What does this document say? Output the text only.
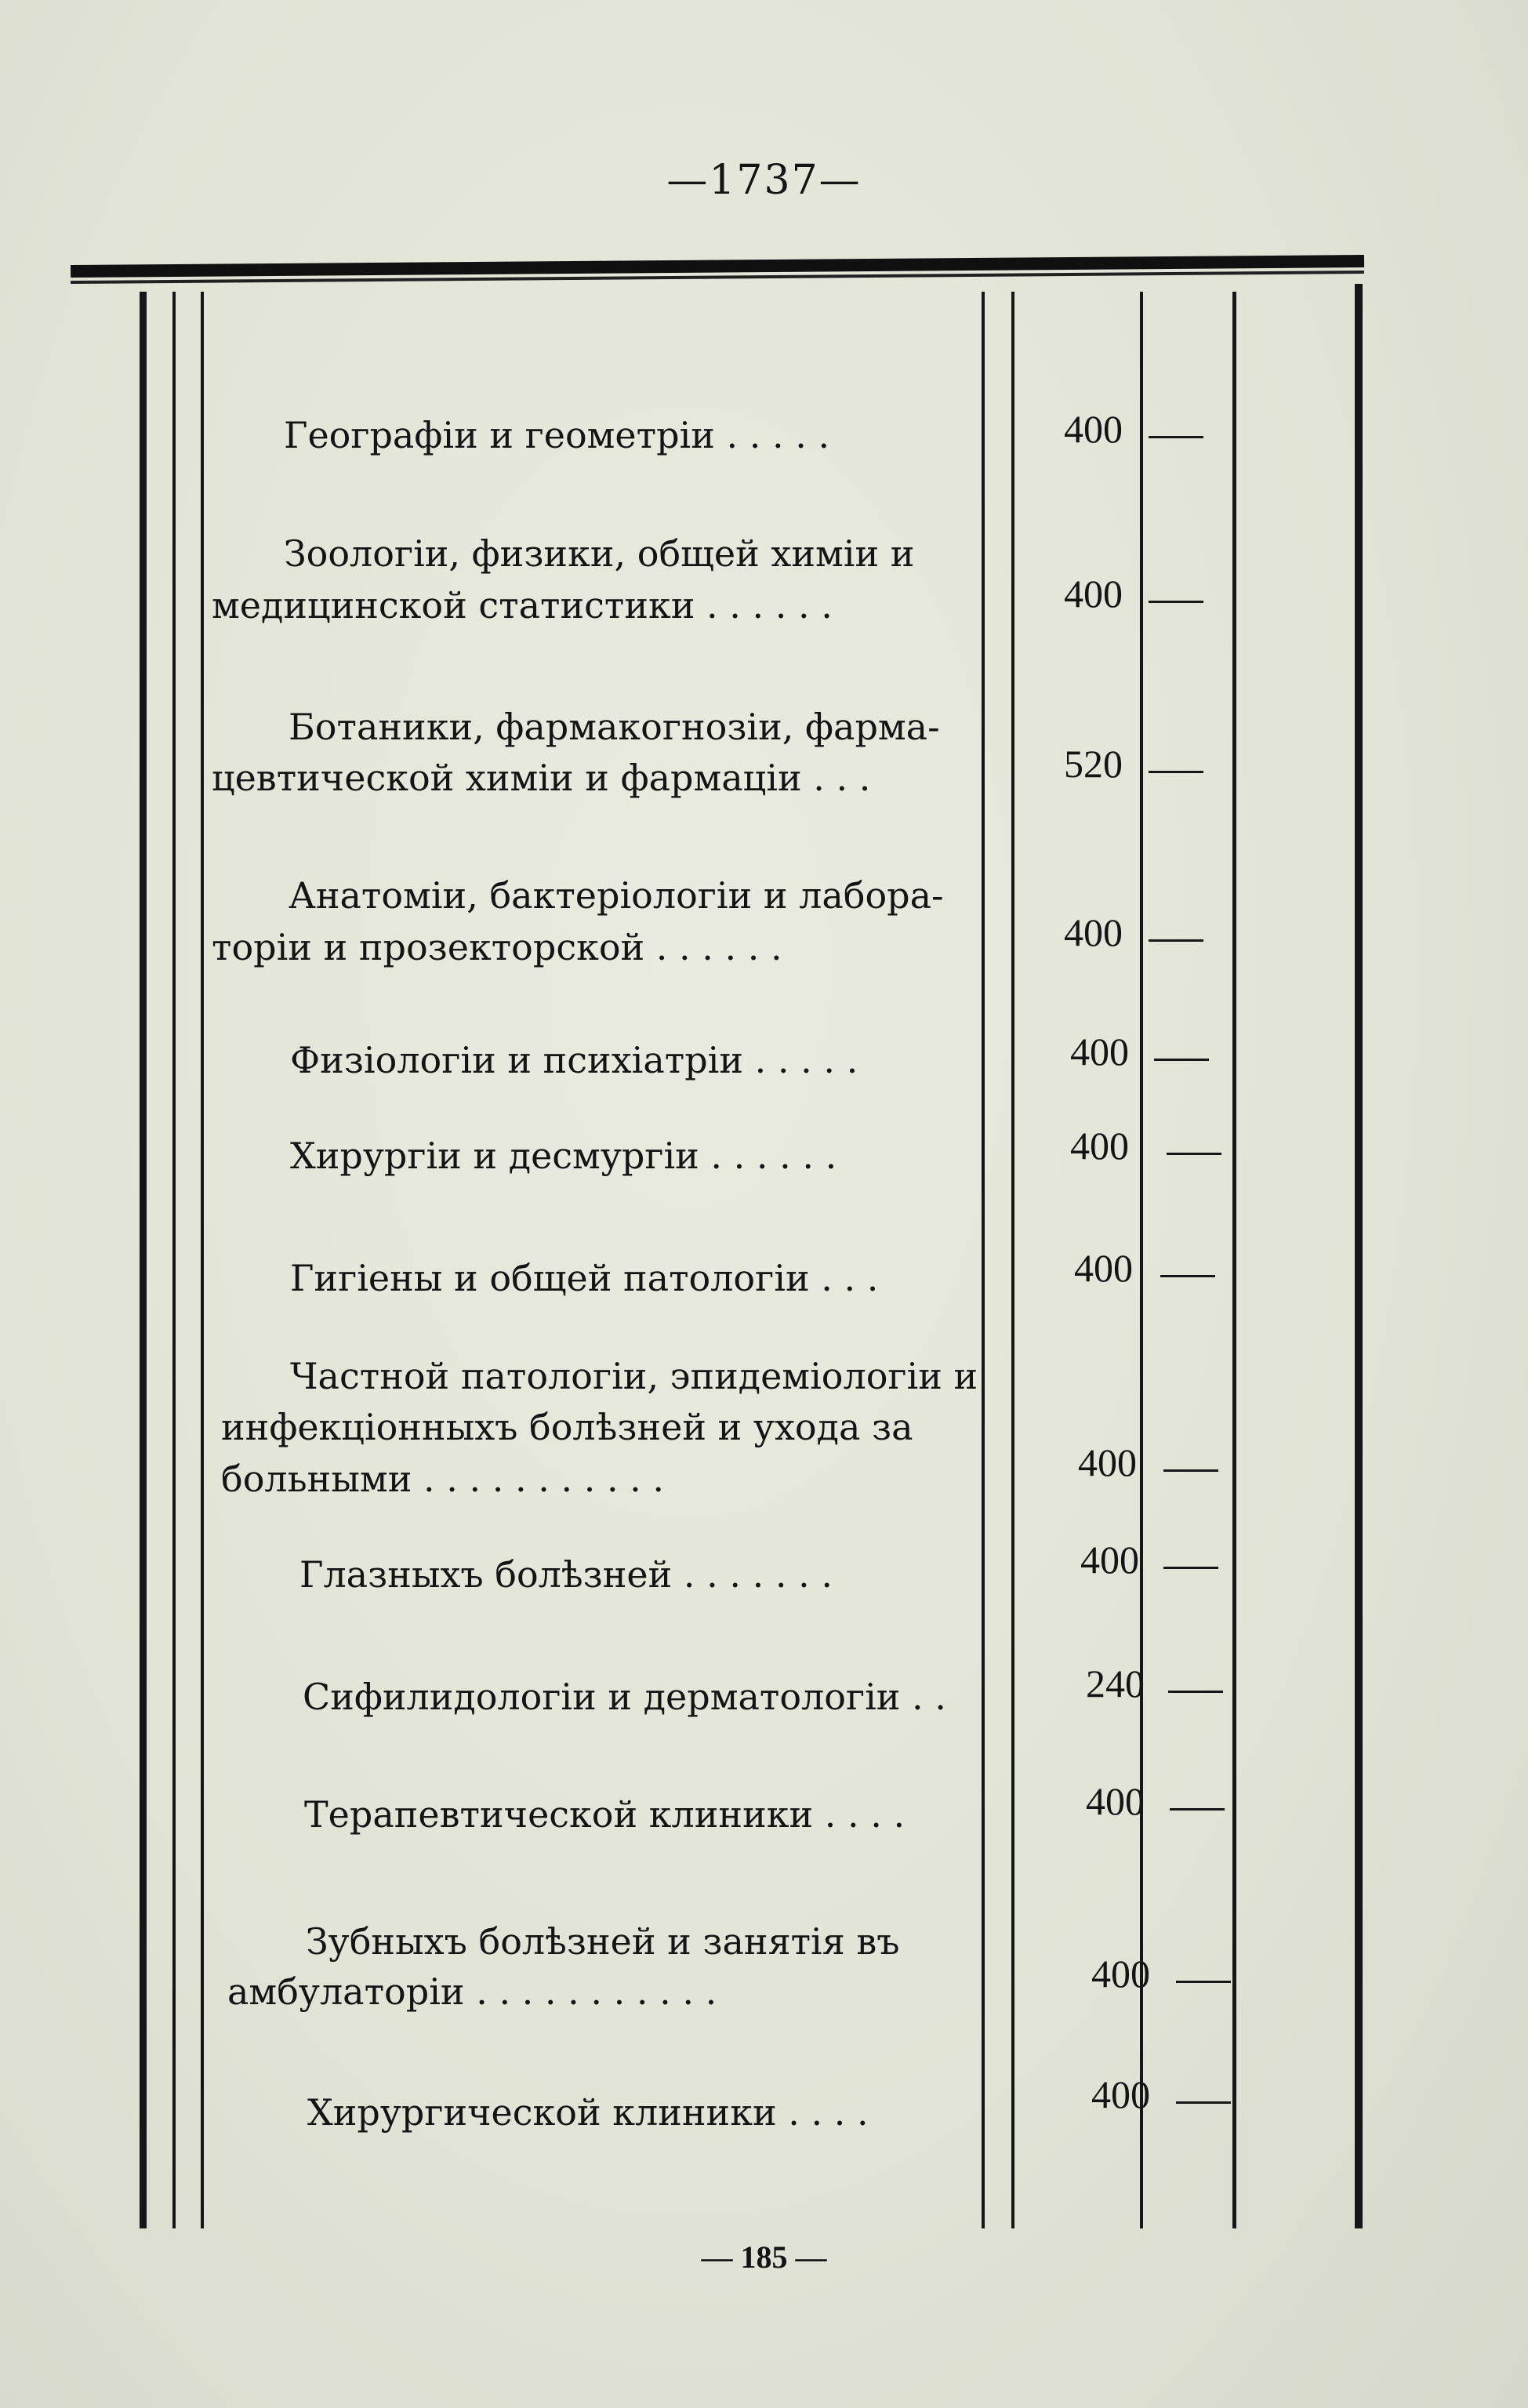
—1737—
Географіи и геометріи . . . . .	400
Зоологіи, физики, общей химіи и
медицинской статистики . . . . . .	400
Ботаники, фармакогнозіи, фарма-
цевтической химіи и фармаціи . . .	520
Анатоміи, бактеріологіи и лабора-
торіи и прозекторской . . . . . .	400
Физіологіи и психіатріи . . . . .	400
Хирургіи и десмургіи . . . . . .	400
Гигіены и общей патологіи . . .	400
Частной патологіи, эпидеміологіи и
инфекціонныхъ болѣзней и ухода за
больными . . . . . . . . . . .	400
Глазныхъ болѣзней . . . . . . .	400
Сифилидологіи и дерматологіи . .	240
Терапевтической клиники . . . .	400
Зубныхъ болѣзней и занятія въ
амбулаторіи . . . . . . . . . . .	400
Хирургической клиники . . . .	400
— 185 —
